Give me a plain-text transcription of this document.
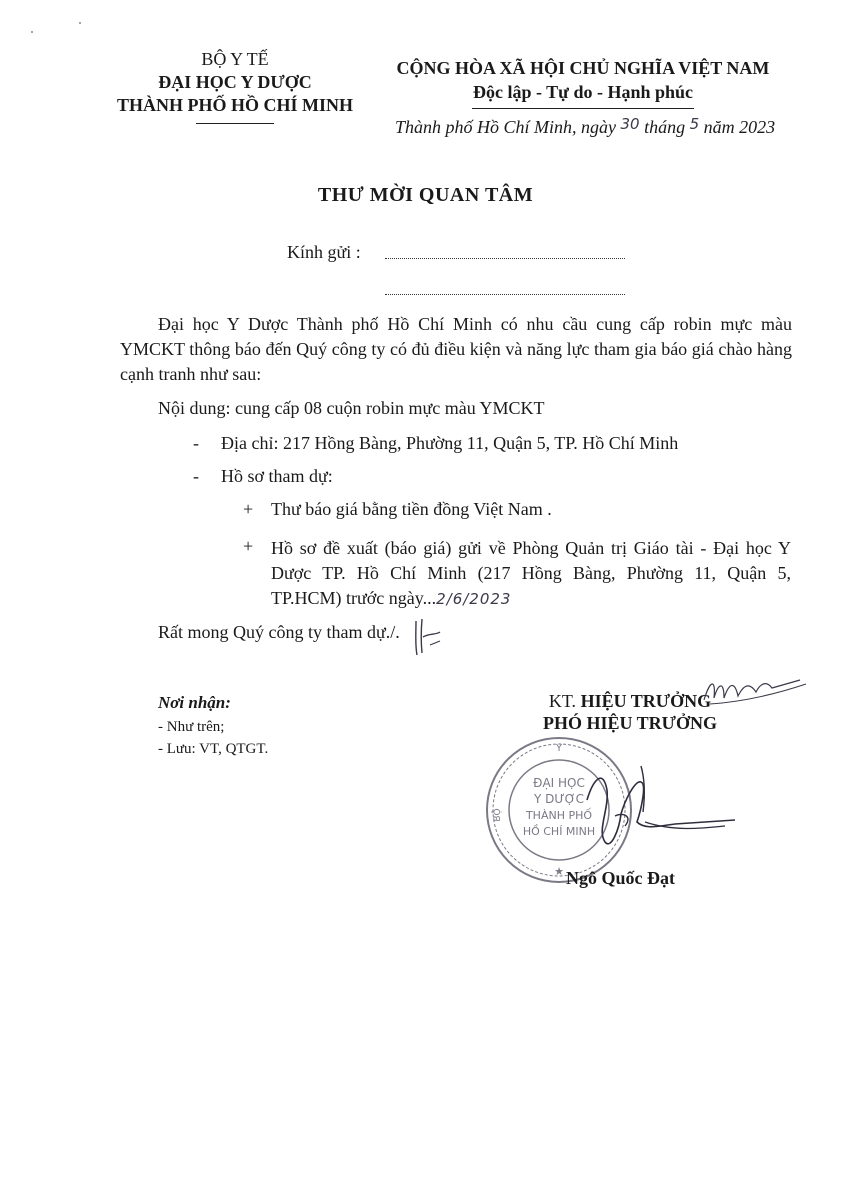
BỘ Y TẾ
ĐẠI HỌC Y DƯỢC
THÀNH PHỐ HỒ CHÍ MINH
CỘNG HÒA XÃ HỘI CHỦ NGHĨA VIỆT NAM
Độc lập - Tự do - Hạnh phúc
Thành phố Hồ Chí Minh, ngày $^{30}$ tháng $^5$ năm 2023
THƯ MỜI QUAN TÂM
Kính gửi :
Đại học Y Dược Thành phố Hồ Chí Minh có nhu cầu cung cấp robin mực màu YMCKT thông báo đến Quý công ty có đủ điều kiện và năng lực tham gia báo giá chào hàng cạnh tranh như sau:
Nội dung: cung cấp 08 cuộn robin mực màu YMCKT
- Địa chỉ: 217 Hồng Bàng, Phường 11, Quận 5, TP. Hồ Chí Minh
- Hồ sơ tham dự:
+ Thư báo giá bằng tiền đồng Việt Nam .
+ Hồ sơ đề xuất (báo giá) gửi về Phòng Quản trị Giáo tài - Đại học Y Dược TP. Hồ Chí Minh (217 Hồng Bàng, Phường 11, Quận 5, TP.HCM) trước ngày...2/6/2023
Rất mong Quý công ty tham dự./.
Nơi nhận:
- Như trên;
- Lưu: VT, QTGT.
KT. HIỆU TRƯỞNG
PHÓ HIỆU TRƯỞNG
Y
BỘ
ĐẠI HỌC
Y DƯỢC
THÀNH PHỐ
HỒ CHÍ MINH
★ Ngô Quốc Đạt
